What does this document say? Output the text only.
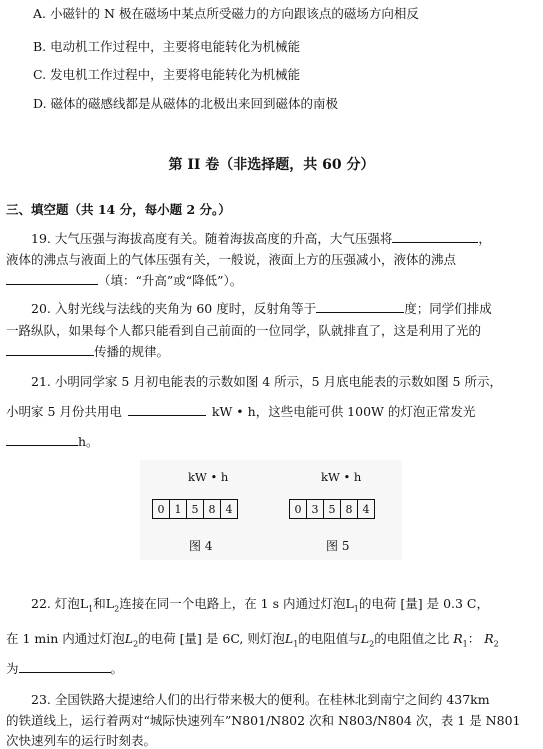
A. 小磁针的 N 极在磁场中某点所受磁力的方向跟该点的磁场方向相反
B. 电动机工作过程中，主要将电能转化为机械能
C. 发电机工作过程中，主要将电能转化为机械能
D. 磁体的磁感线都是从磁体的北极出来回到磁体的南极
第 II 卷（非选择题，共 60 分）
三、填空题（共 14 分，每小题 2 分。）
19. 大气压强与海拔高度有关。随着海拔高度的升高，大气压强将	，
液体的沸点与液面上的气体压强有关，一般说，液面上方的压强减小，液体的沸点
（填：“升高”或“降低”）。
20. 入射光线与法线的夹角为 60 度时，反射角等于	度；同学们排成
一路纵队，如果每个人都只能看到自己前面的一位同学，队就排直了，这是利用了光的
传播的规律。
21. 小明同学家 5 月初电能表的示数如图 4 所示，5 月底电能表的示数如图 5 所示，
小明家 5 月份共用电	kW • h，这些电能可供 100W 的灯泡正常发光
h。
kW • h
0 1 5 8 4
图 4
kW • h
0 3 5 8 4
图 5
22. 灯泡$L_1$和$L_2$连接在同一个电路上，在 1 s 内通过灯泡$L_1$的电荷 [量] 是 0.3 C，
在 1 min 内通过灯泡$L_2$的电荷 [量] 是 6C, 则灯泡$L_1$的电阻值与$L_2$的电阻值之比 $R_1$： $R_2$
为	。
23. 全国铁路大提速给人们的出行带来极大的便利。在桂林北到南宁之间约 437km
的铁道线上，运行着两对“城际快速列车”N801/N802 次和 N803/N804 次，表 1 是 N801
次快速列车的运行时刻表。
